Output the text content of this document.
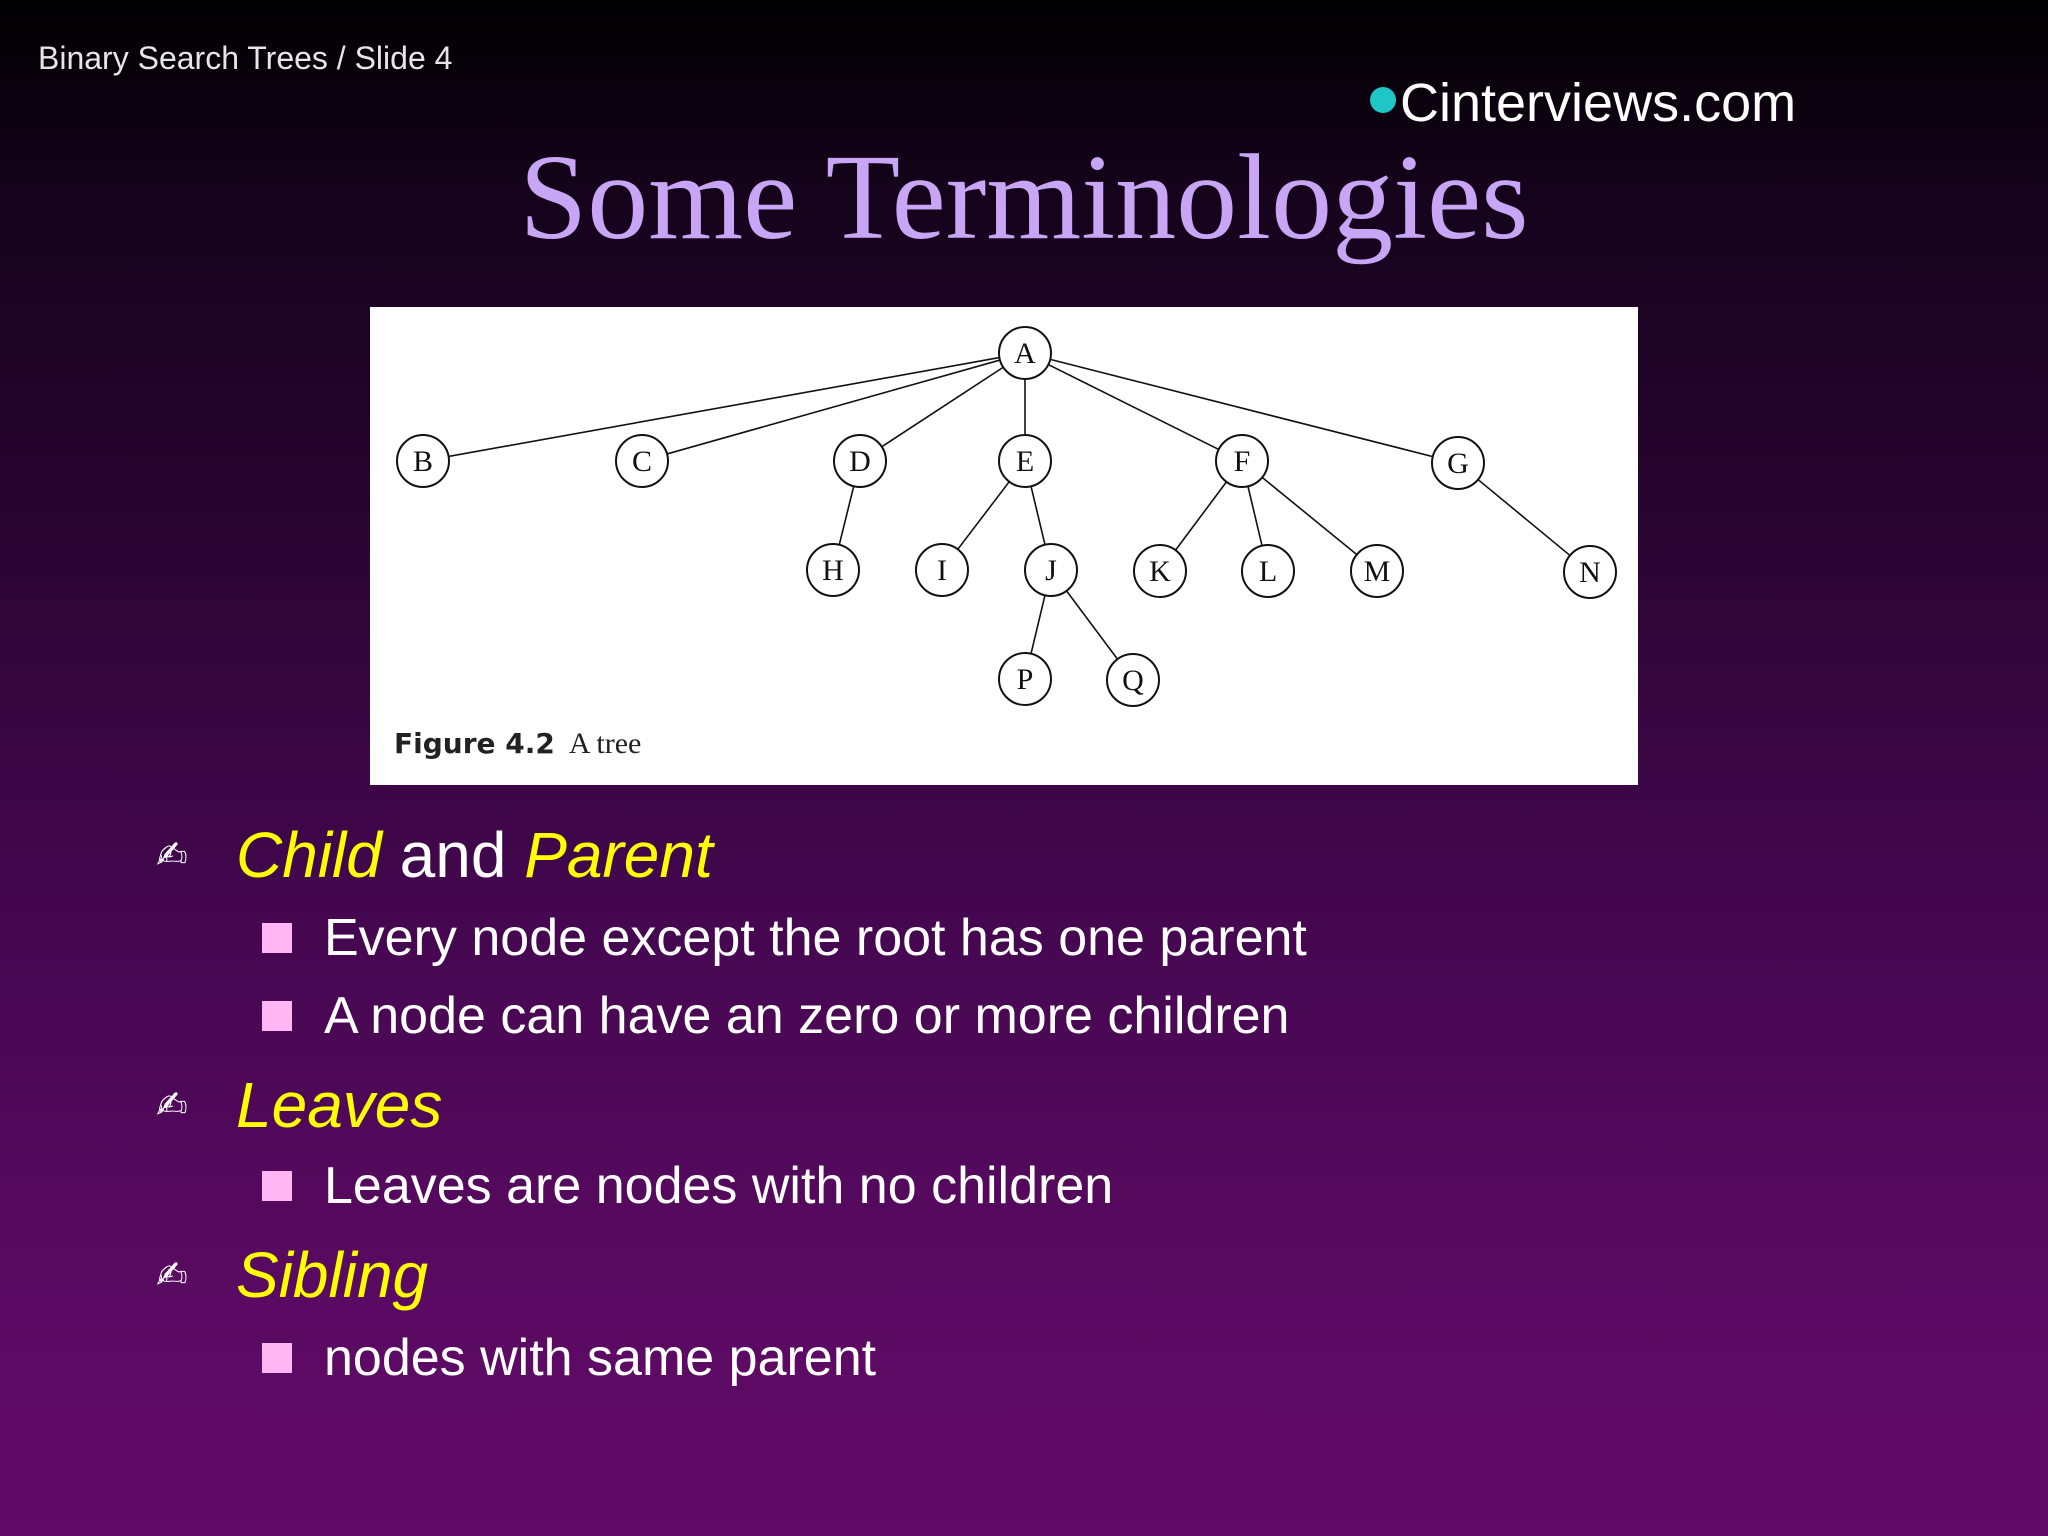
Binary Search Trees / Slide 4
Cinterviews.com
Some Terminologies
A
B	C	D	E	F	G
H	I	J	K	L	M	N
P	Q
Figure 4.2 A tree
✍ Child and Parent
Every node except the root has one parent
A node can have an zero or more children
✍ Leaves
Leaves are nodes with no children
✍ Sibling
nodes with same parent
